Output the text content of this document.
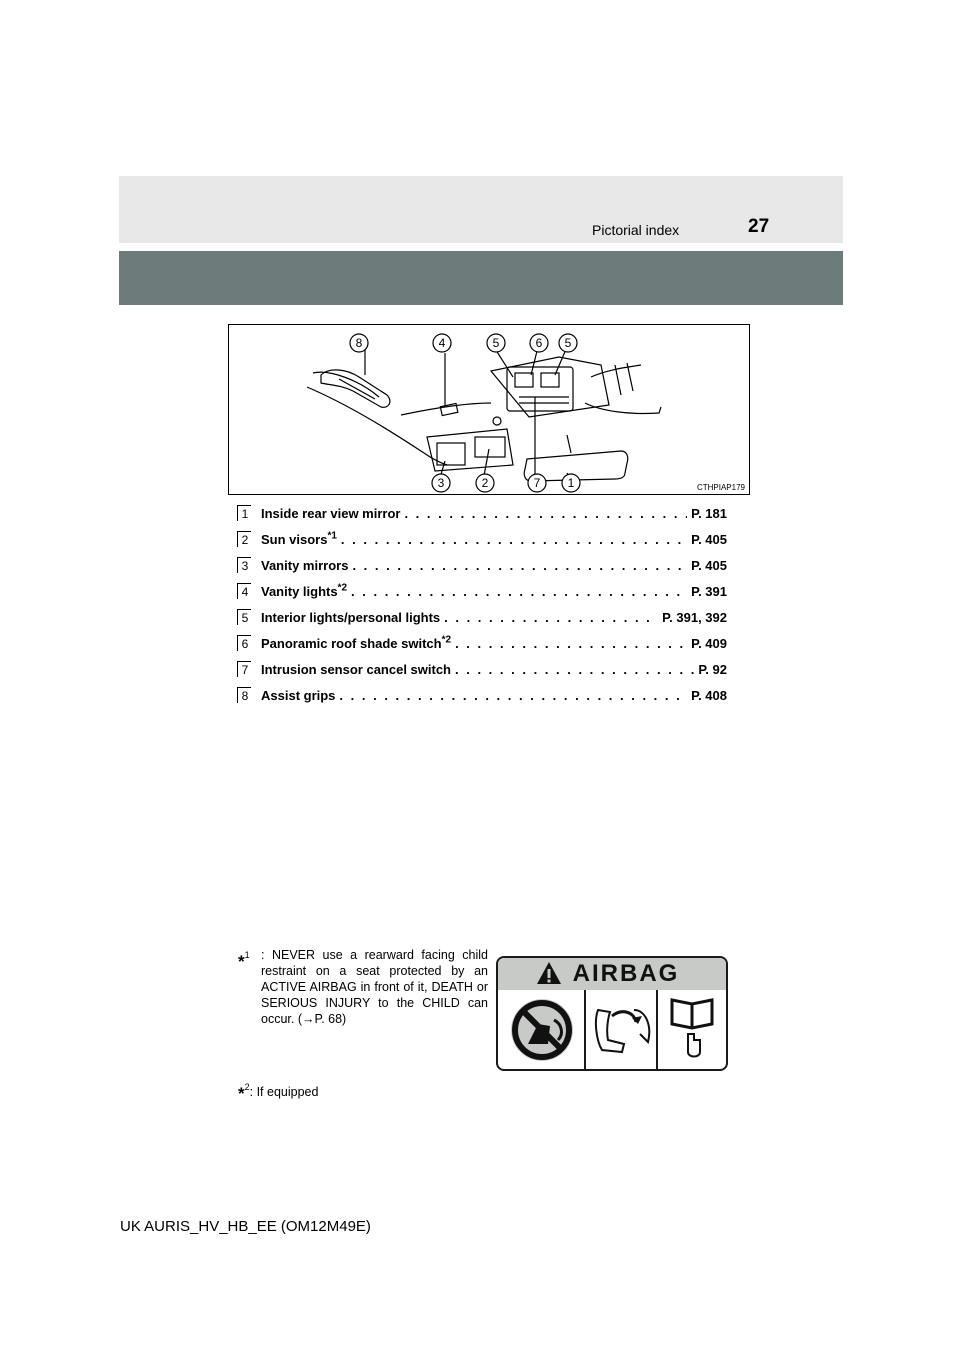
Pictorial index	27
8	4	5	6 5
3	2	7 1	CTHPIAP179
1 Inside rear view mirror . . .	P. 181
2 Sun visors$^{*1}$ . . .	P. 405
3 Vanity mirrors . . .	P. 405
4 Vanity lights$^{*2}$ . . .	P. 391
5 Interior lights/personal lights . . .	P. 391, 392
6 Panoramic roof shade switch$^{*2}$ . . .	P. 409
7 Intrusion sensor cancel switch . . .	P. 92
8 Assist grips . . .	P. 408
*$^1$ : NEVER use a rearward facing child restraint on a seat protected by an ACTIVE AIRBAG in front of it, DEATH or SERIOUS INJURY to the CHILD can occur. (→P. 68)
*$^2$: If equipped
AIRBAG
UK AURIS_HV_HB_EE (OM12M49E)
